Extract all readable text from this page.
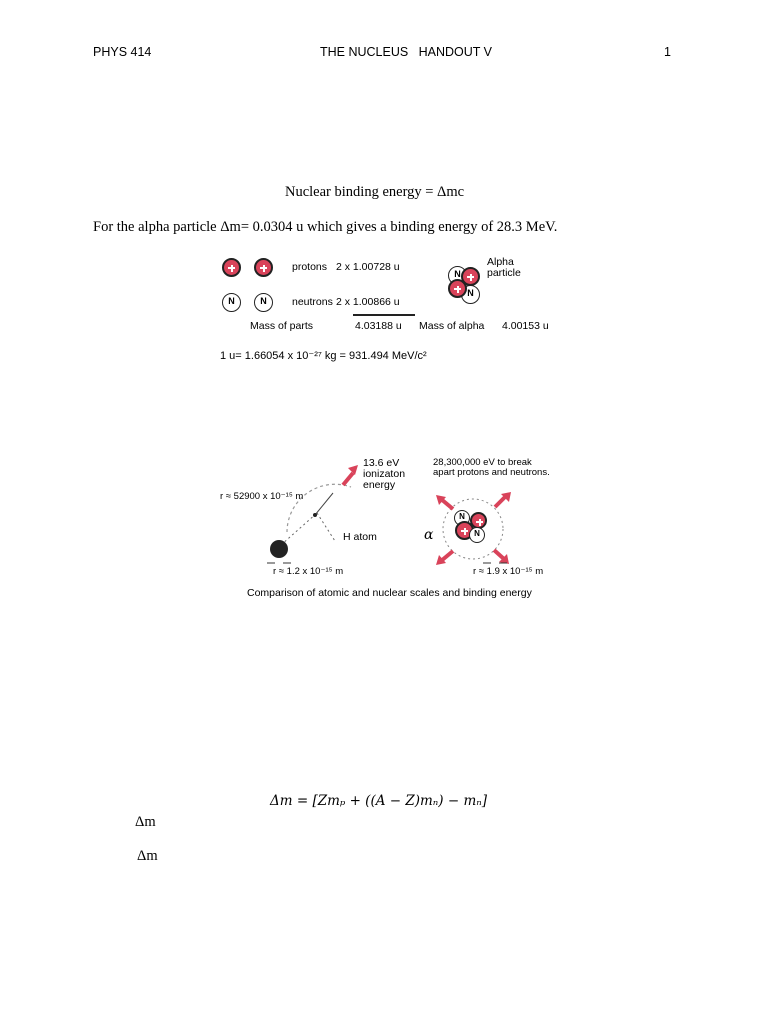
PHYS 414	THE NUCLEUS   HANDOUT V	1
Nuclear binding energy = Δmc
For the alpha particle Δm= 0.0304 u which gives a binding energy of 28.3 MeV.
protons 2 x 1.00728 u
N	N	neutrons 2 x 1.00866 u
Mass of parts	4.03188 u Mass of alpha 4.00153 u
N
N
Alpha particle
1 u= 1.66054 x 10⁻²⁷ kg = 931.494 MeV/c²
N
N
13.6 eV ionizaton energy
r ≈ 52900 x 10⁻¹⁵ m
H atom
r ≈ 1.2 x 10⁻¹⁵ m
28,300,000 eV to break apart protons and neutrons.
α
r ≈ 1.9 x 10⁻¹⁵ m
Comparison of atomic and nuclear scales and binding energy
Δm = [Zmₚ + ((A − Z)mₙ) − mₙ]
Δm
Δm
